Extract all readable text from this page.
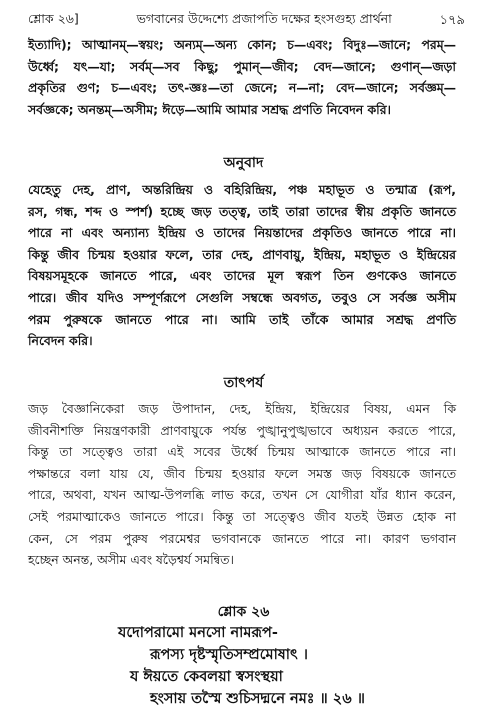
শ্লোক ২৬]	ভগবানের উদ্দেশ্যে প্রজাপতি দক্ষের হংসগুহ্য প্রার্থনা	১৭৯
ইত্যাদি); আত্মানম্—স্বয়ং; অন্যম্—অন্য কোন; চ—এবং; বিদুঃ—জানে; পরম্—
উর্ধ্বে; যৎ—যা; সর্বম্—সব কিছু; পুমান্—জীব; বেদ—জানে; গুণান্—জড়া
প্রকৃতির গুণ; চ—এবং; তৎ-জ্ঞঃ—তা জেনে; ন—না; বেদ—জানে; সর্বজ্ঞম্—
সর্বজ্ঞকে; অনন্তম্—অসীম; ঈড়ে—আমি আমার সশ্রদ্ধ প্রণতি নিবেদন করি।
অনুবাদ
যেহেতু দেহ, প্রাণ, অন্তরিন্দ্রিয় ও বহিরিন্দ্রিয়, পঞ্চ মহাভূত ও তন্মাত্র (রূপ,
রস, গন্ধ, শব্দ ও স্পর্শ) হচ্ছে জড় তত্ত্ব, তাই তারা তাদের স্বীয় প্রকৃতি জানতে
পারে না এবং অন্যান্য ইন্দ্রিয় ও তাদের নিয়ন্তাদের প্রকৃতিও জানতে পারে না।
কিন্তু জীব চিন্ময় হওয়ার ফলে, তার দেহ, প্রাণবায়ু, ইন্দ্রিয়, মহাভূত ও ইন্দ্রিয়ের
বিষয়সমূহকে জানতে পারে, এবং তাদের মূল স্বরূপ তিন গুণকেও জানতে
পারে। জীব যদিও সম্পূর্ণরূপে সেগুলি সম্বন্ধে অবগত, তবুও সে সর্বজ্ঞ অসীম
পরম পুরুষকে জানতে পারে না। আমি তাই তাঁকে আমার সশ্রদ্ধ প্রণতি
নিবেদন করি।
তাৎপর্য
জড় বৈজ্ঞানিকেরা জড় উপাদান, দেহ, ইন্দ্রিয়, ইন্দ্রিয়ের বিষয়, এমন কি
জীবনীশক্তি নিয়ন্ত্রণকারী প্রাণবায়ুকে পর্যন্ত পুঙ্খানুপুঙ্খভাবে অধ্যয়ন করতে পারে,
কিন্তু তা সত্ত্বেও তারা এই সবের উর্ধ্বে চিন্ময় আত্মাকে জানতে পারে না।
পক্ষান্তরে বলা যায় যে, জীব চিন্ময় হওয়ার ফলে সমস্ত জড় বিষয়কে জানতে
পারে, অথবা, যখন আত্ম-উপলব্ধি লাভ করে, তখন সে যোগীরা যাঁর ধ্যান করেন,
সেই পরমাত্মাকেও জানতে পারে। কিন্তু তা সত্ত্বেও জীব যতই উন্নত হোক না
কেন, সে পরম পুরুষ পরমেশ্বর ভগবানকে জানতে পারে না। কারণ ভগবান
হচ্ছেন অনন্ত, অসীম এবং ষড়ৈশ্বর্য সমন্বিত।
শ্লোক ২৬
যদোপরামো মনসো নামরূপ-
রূপস্য দৃষ্টস্মৃতিসম্প্রমোষাৎ ।
য ঈয়তে কেবলয়া স্বসংস্থয়া
হংসায় তস্মৈ শুচিসদ্মনে নমঃ ॥ ২৬ ॥
